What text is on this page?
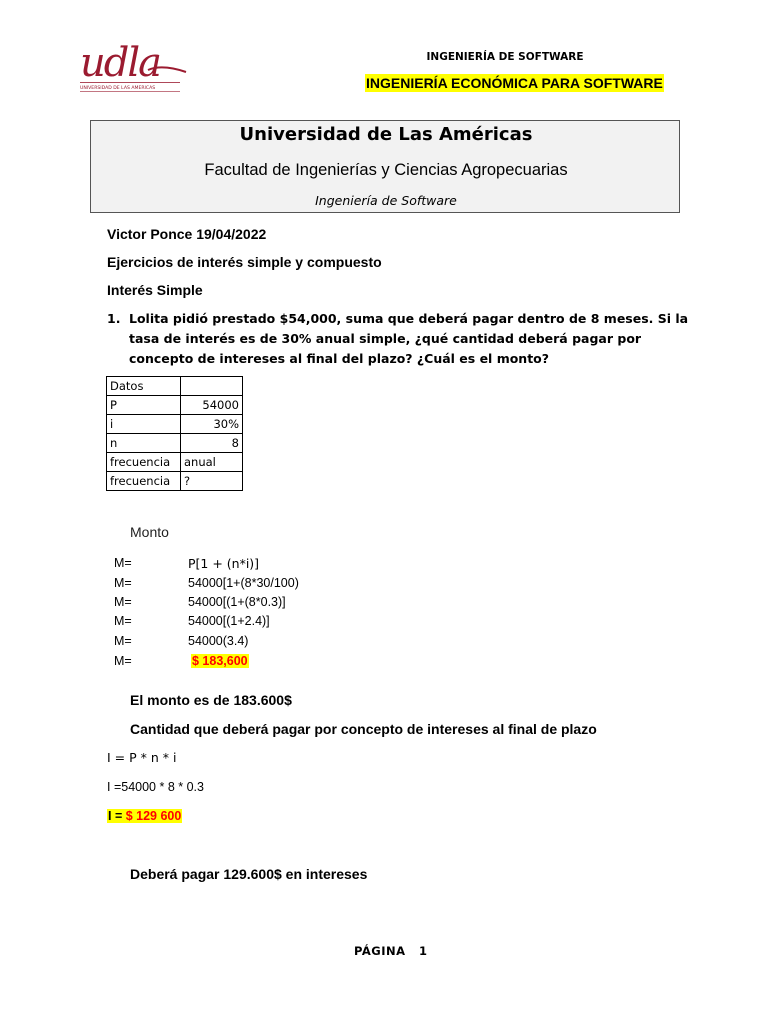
udla
UNIVERSIDAD DE LAS AMERICAS
INGENIERÍA DE SOFTWARE
INGENIERÍA ECONÓMICA PARA SOFTWARE
Universidad de Las Américas
Facultad de Ingenierías y Ciencias Agropecuarias
Ingeniería de Software
Victor Ponce 19/04/2022
Ejercicios de interés simple y compuesto
Interés Simple
1. Lolita pidió prestado $54,000, suma que deberá pagar dentro de 8 meses. Si la tasa de interés es de 30% anual simple, ¿qué cantidad deberá pagar por concepto de intereses al final del plazo? ¿Cuál es el monto?
Datos	
P	54000
i	30%
n	8
frecuencia	anual
frecuencia	?
Monto
M=	P[1 + (n*i)]
M=	54000[1+(8*30/100)
M=	54000[(1+(8*0.3)]
M=	54000[(1+2.4)]
M=	54000(3.4)
M=	$ 183,600
El monto es de 183.600$
Cantidad que deberá pagar por concepto de intereses al final de plazo
I = P * n * i
I =54000 * 8 * 0.3
I = $ 129 600
Deberá pagar 129.600$ en intereses
PÁGINA   1
